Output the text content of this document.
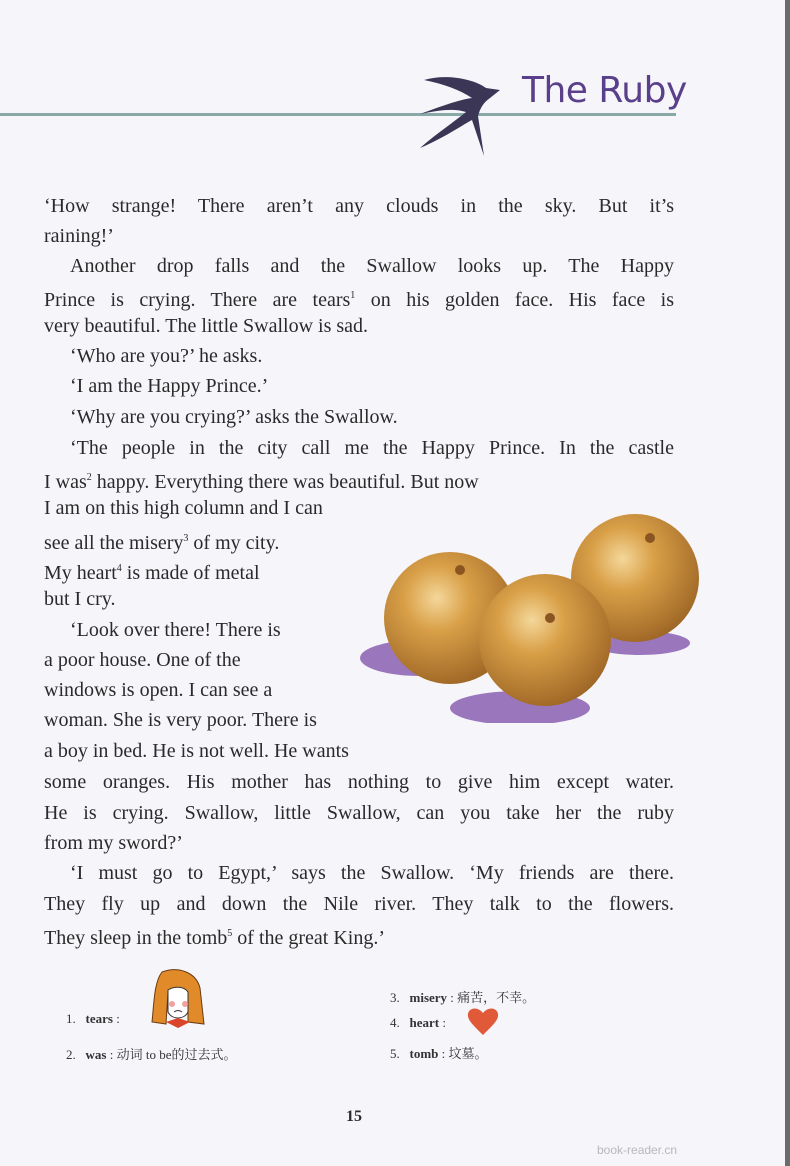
The Ruby
‘How strange! There aren’t any clouds in the sky. But it’s
raining!’
Another drop falls and the Swallow looks up. The Happy
Prince is crying. There are tears$^1$ on his golden face. His face is
very beautiful. The little Swallow is sad.
‘Who are you?’ he asks.
‘I am the Happy Prince.’
‘Why are you crying?’ asks the Swallow.
‘The people in the city call me the Happy Prince. In the castle
I was$^2$ happy. Everything there was beautiful. But now
I am on this high column and I can
see all the misery$^3$ of my city.
My heart$^4$ is made of metal
but I cry.
‘Look over there! There is
a poor house. One of the
windows is open. I can see a
woman. She is very poor. There is
a boy in bed. He is not well. He wants
some oranges. His mother has nothing to give him except water.
He is crying. Swallow, little Swallow, can you take her the ruby
from my sword?’
‘I must go to Egypt,’ says the Swallow. ‘My friends are there.
They fly up and down the Nile river. They talk to the flowers.
They sleep in the tomb$^5$ of the great King.’
1. tears :
2. was : 动词 to be的过去式。
3. misery : 痛苦，不幸。
4. heart :
5. tomb : 坟墓。
15
book-reader.cn
